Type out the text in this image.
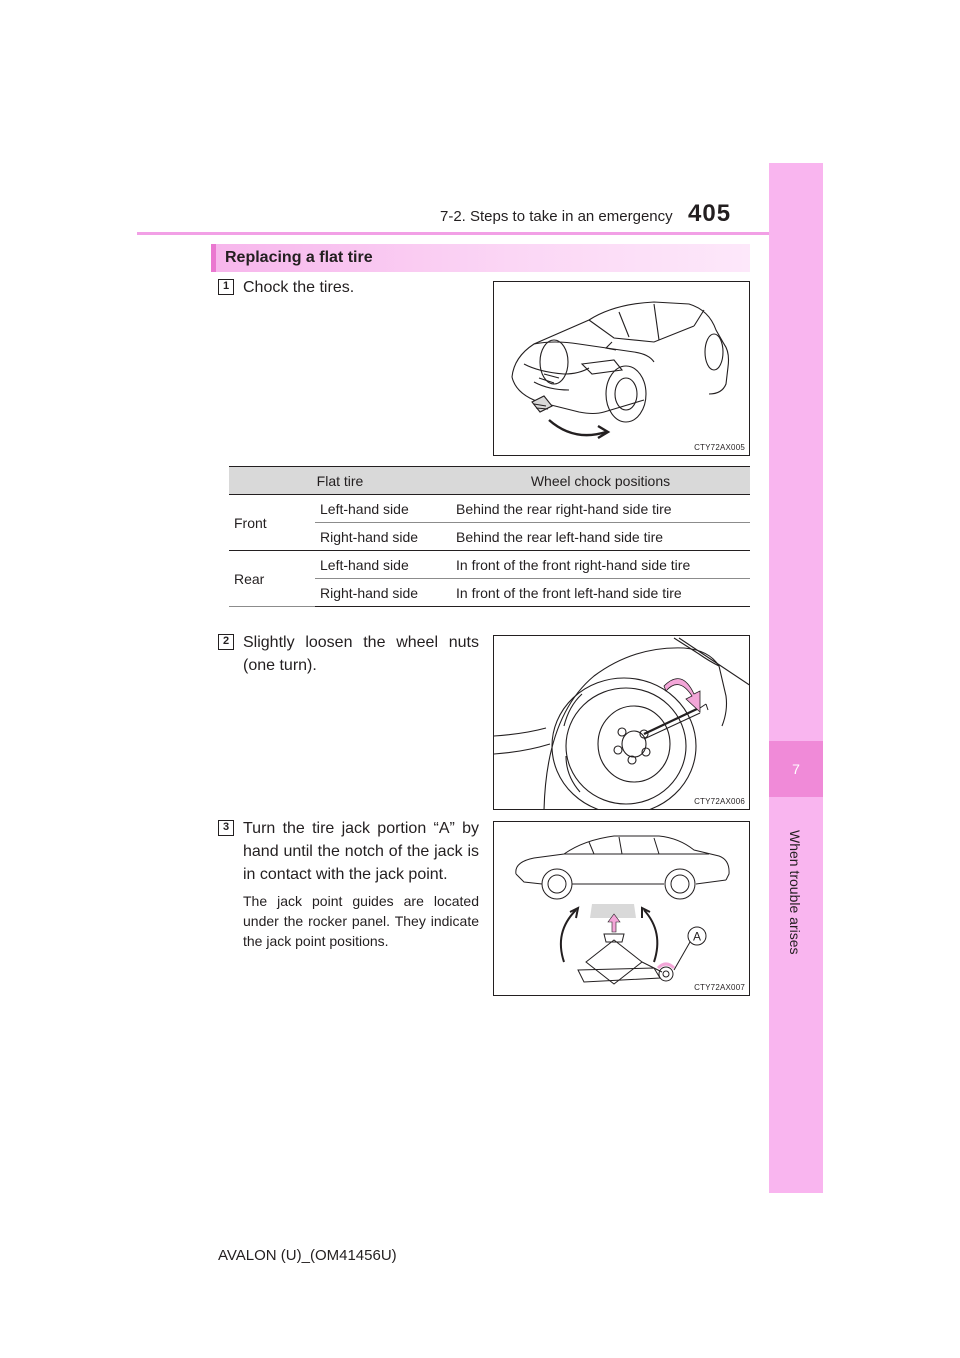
7-2. Steps to take in an emergency 405
7
When trouble arises
Replacing a flat tire
1 Chock the tires.
CTY72AX005
Flat tire		Wheel chock positions
Front	Left-hand side	Behind the rear right-hand side tire
	Right-hand side	Behind the rear left-hand side tire
Rear	Left-hand side	In front of the front right-hand side tire
	Right-hand side	In front of the front left-hand side tire
2 Slightly loosen the wheel nuts (one turn).
CTY72AX006
3 Turn the tire jack portion “A” by hand until the notch of the jack is in contact with the jack point.
The jack point guides are located under the rocker panel. They indicate the jack point positions.	A
CTY72AX007
AVALON (U)_(OM41456U)
